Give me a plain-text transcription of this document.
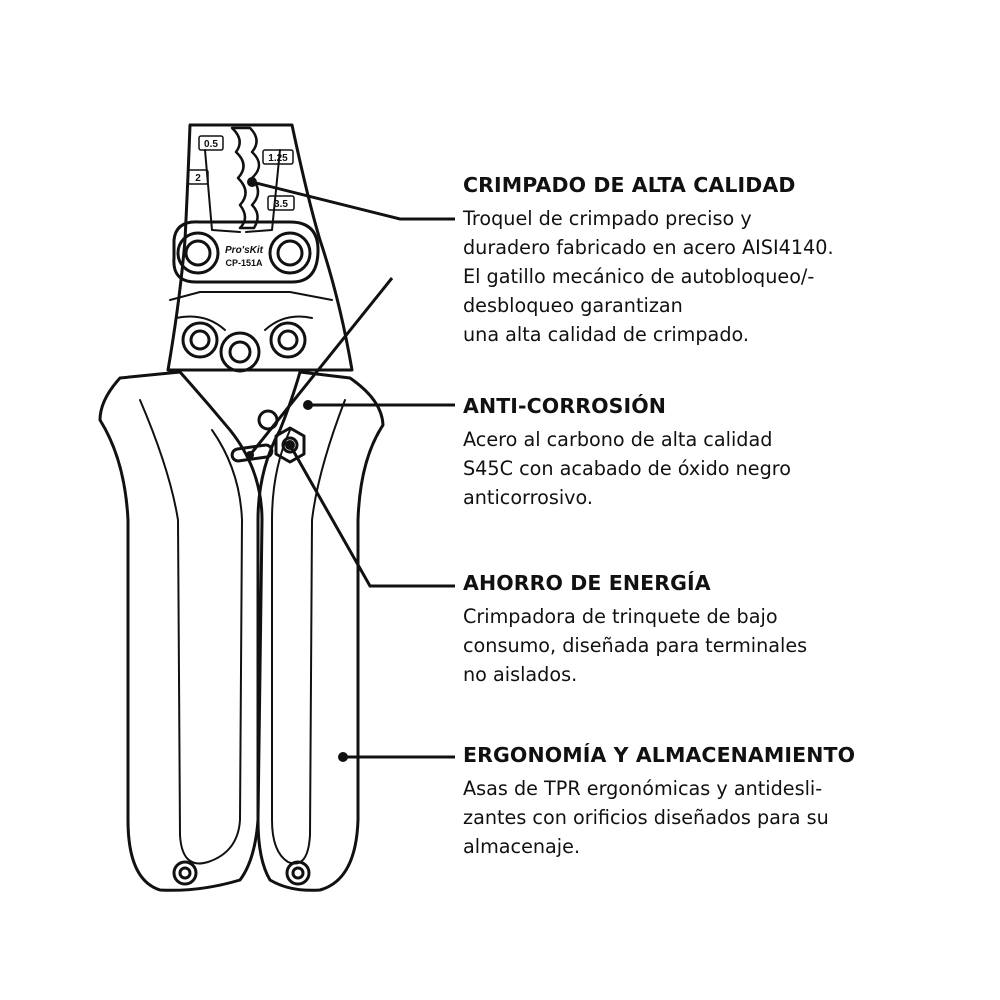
0.5
1.25
2
3.5
Pro'sKit
CP-151A
CRIMPADO DE ALTA CALIDAD

Troquel de crimpado preciso y
duradero fabricado en acero AISI4140.
El gatillo mecánico de autobloqueo/-
desbloqueo garantizan
una alta calidad de crimpado.

ANTI-CORROSIÓN

Acero al carbono de alta calidad
S45C con acabado de óxido negro
anticorrosivo.

AHORRO DE ENERGÍA

Crimpadora de trinquete de bajo
consumo, diseñada para terminales
no aislados.

ERGONOMÍA Y ALMACENAMIENTO

Asas de TPR ergonómicas y antidesli-
zantes con orificios diseñados para su
almacenaje.
